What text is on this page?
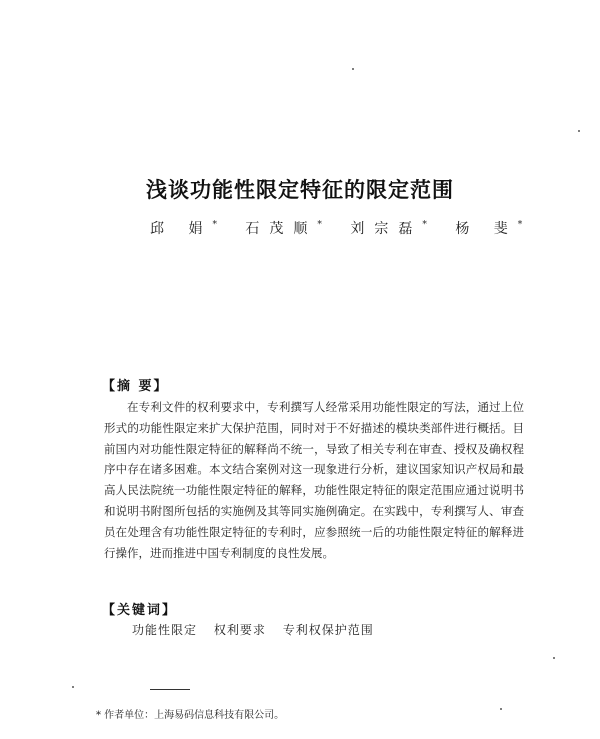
浅谈功能性限定特征的限定范围
邱 娟* 石茂顺* 刘宗磊* 杨 斐*
【摘 要】

在专利文件的权利要求中，专利撰写人经常采用功能性限定的写法，通过上位形式的功能性限定来扩大保护范围，同时对于不好描述的模块类部件进行概括。目前国内对功能性限定特征的解释尚不统一，导致了相关专利在审查、授权及确权程序中存在诸多困难。本文结合案例对这一现象进行分析，建议国家知识产权局和最高人民法院统一功能性限定特征的解释，功能性限定特征的限定范围应通过说明书和说明书附图所包括的实施例及其等同实施例确定。在实践中，专利撰写人、审查员在处理含有功能性限定特征的专利时，应参照统一后的功能性限定特征的解释进行操作，进而推进中国专利制度的良性发展。

【关键词】
功能性限定 权利要求 专利权保护范围
* 作者单位：上海易码信息科技有限公司。
